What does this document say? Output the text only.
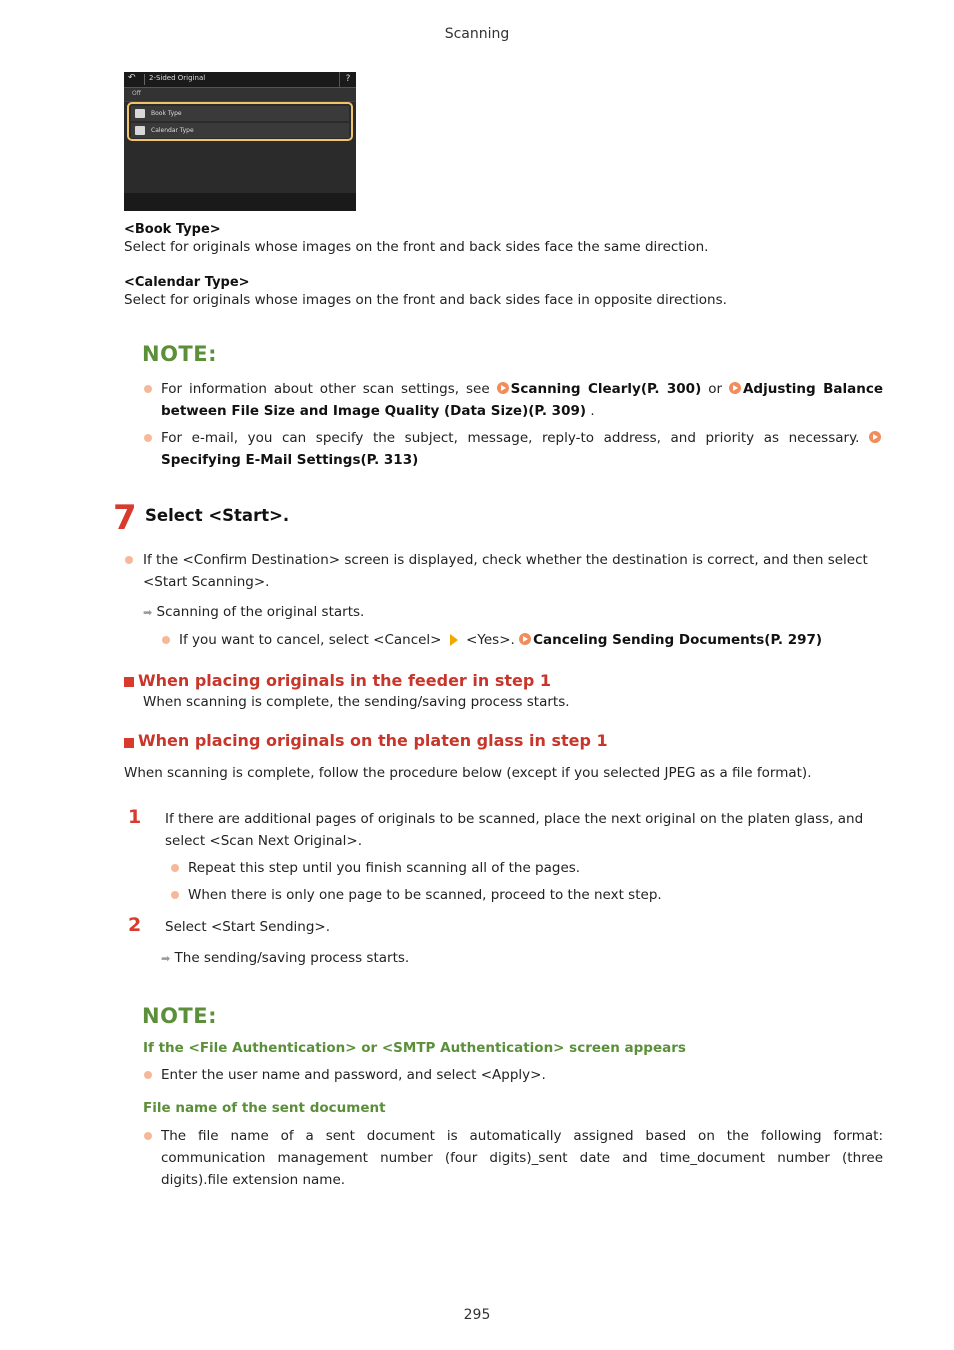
Scanning
↶ 2-Sided Original	?
Off
Book Type
Calendar Type
<Book Type>
Select for originals whose images on the front and back sides face the same direction.
<Calendar Type>
Select for originals whose images on the front and back sides face in opposite directions.
NOTE:
For information about other scan settings, see Scanning Clearly(P. 300) or Adjusting Balance between File Size and Image Quality (Data Size)(P. 309) .
For e-mail, you can specify the subject, message, reply-to address, and priority as necessary. Specifying E-Mail Settings(P. 313)
7 Select <Start>.
If the <Confirm Destination> screen is displayed, check whether the destination is correct, and then select <Start Scanning>.
➡ Scanning of the original starts.
If you want to cancel, select <Cancel>  <Yes>. Canceling Sending Documents(P. 297)
When placing originals in the feeder in step 1
When scanning is complete, the sending/saving process starts.
When placing originals on the platen glass in step 1
When scanning is complete, follow the procedure below (except if you selected JPEG as a file format).
1 If there are additional pages of originals to be scanned, place the next original on the platen glass, and select <Scan Next Original>.
Repeat this step until you finish scanning all of the pages.
When there is only one page to be scanned, proceed to the next step.
2 Select <Start Sending>.
➡ The sending/saving process starts.
NOTE:
If the <File Authentication> or <SMTP Authentication> screen appears
Enter the user name and password, and select <Apply>.
File name of the sent document
The file name of a sent document is automatically assigned based on the following format: communication management number (four digits)_sent date and time_document number (three digits).file extension name.
295
